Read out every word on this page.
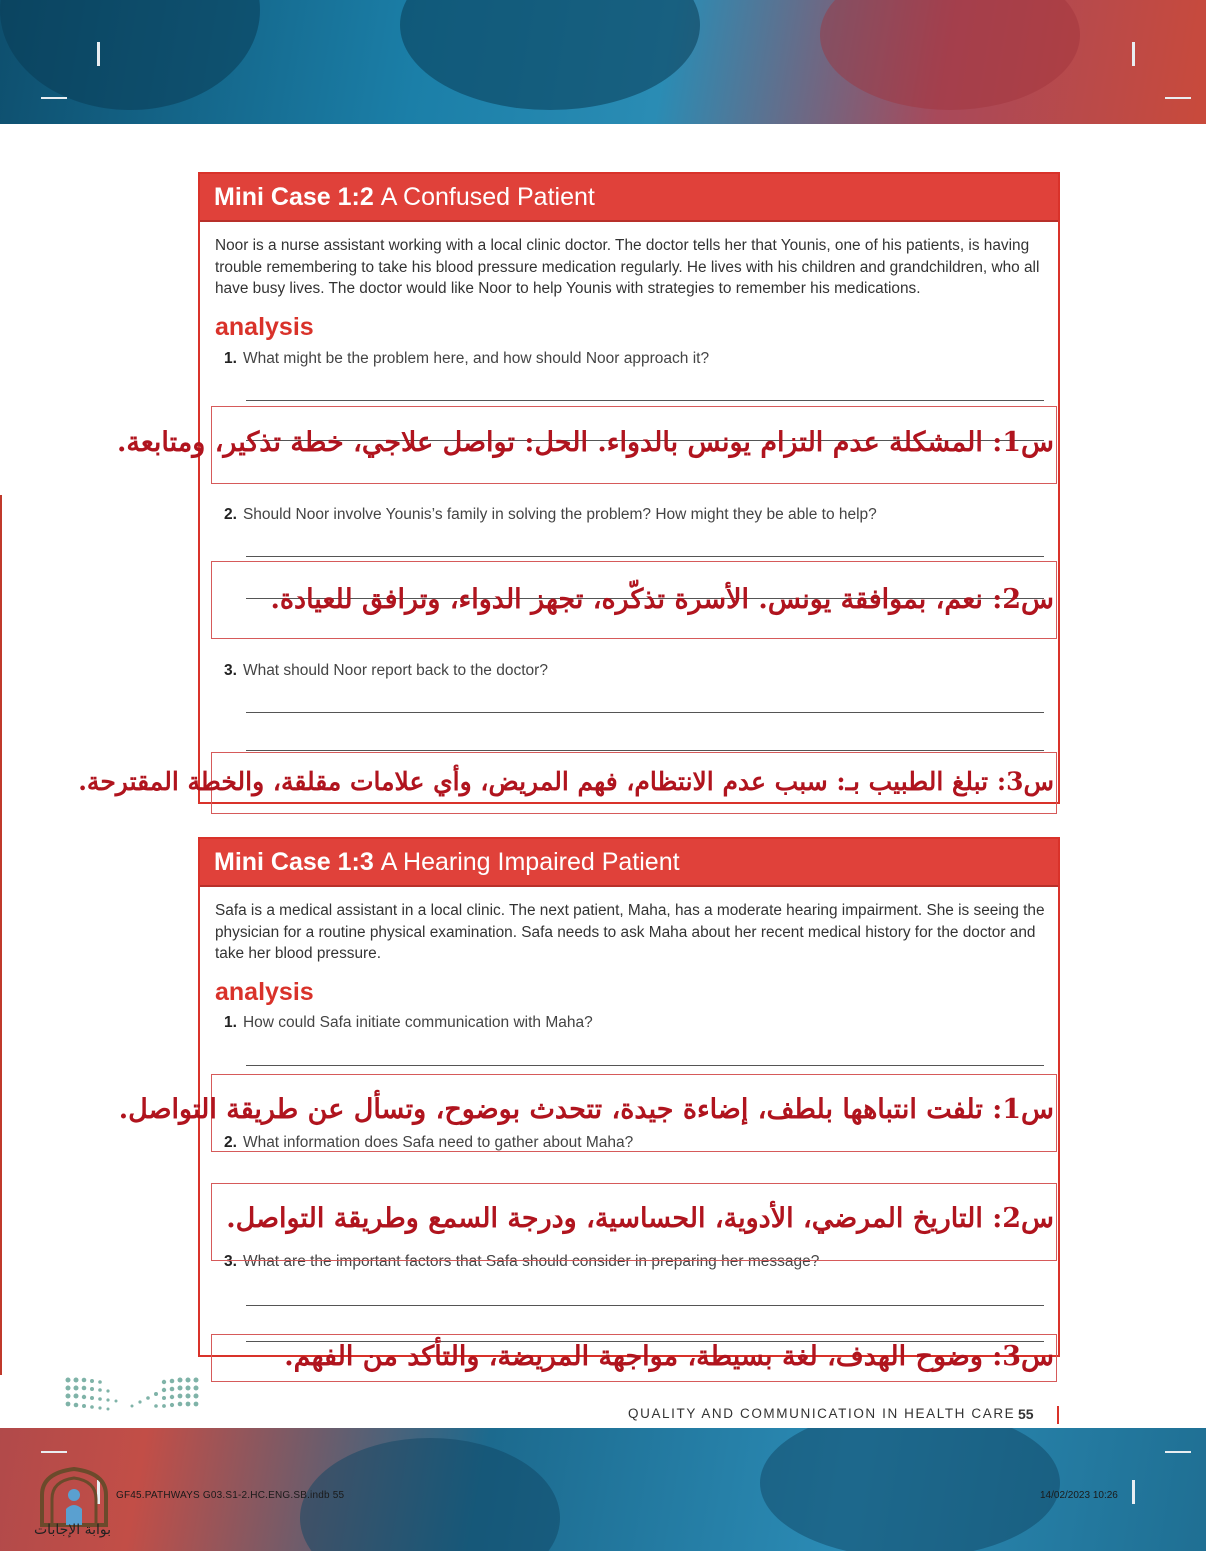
Mini Case 1:2 A Confused Patient

Noor is a nurse assistant working with a local clinic doctor. The doctor tells her that Younis, one of his patients, is having trouble remembering to take his blood pressure medication regularly. He lives with his children and grandchildren, who all have busy lives. The doctor would like Noor to help Younis with strategies to remember his medications.

analysis
1. What might be the problem here, and how should Noor approach it?
2. Should Noor involve Younis’s family in solving the problem? How might they be able to help?
3. What should Noor report back to the doctor?
س1: المشكلة عدم التزام يونس بالدواء. الحل: تواصل علاجي، خطة تذكير، ومتابعة.
س2: نعم، بموافقة يونس. الأسرة تذكّره، تجهز الدواء، وترافق للعيادة.
س3: تبلغ الطبيب بـ: سبب عدم الانتظام، فهم المريض، وأي علامات مقلقة، والخطة المقترحة.
Mini Case 1:3 A Hearing Impaired Patient

Safa is a medical assistant in a local clinic. The next patient, Maha, has a moderate hearing impairment. She is seeing the physician for a routine physical examination. Safa needs to ask Maha about her recent medical history for the doctor and take her blood pressure.

analysis
1. How could Safa initiate communication with Maha?
2. What information does Safa need to gather about Maha?
3. What are the important factors that Safa should consider in preparing her message?
س1: تلفت انتباهها بلطف، إضاءة جيدة، تتحدث بوضوح، وتسأل عن طريقة التواصل.
س2: التاريخ المرضي، الأدوية، الحساسية، ودرجة السمع وطريقة التواصل.
س3: وضوح الهدف، لغة بسيطة، مواجهة المريضة، والتأكد من الفهم.
QUALITY AND COMMUNICATION IN HEALTH CARE 55
GF45.PATHWAYS G03.S1-2.HC.ENG.SB.indb 55	14/02/2023 10:26
بوابة الإجابات
